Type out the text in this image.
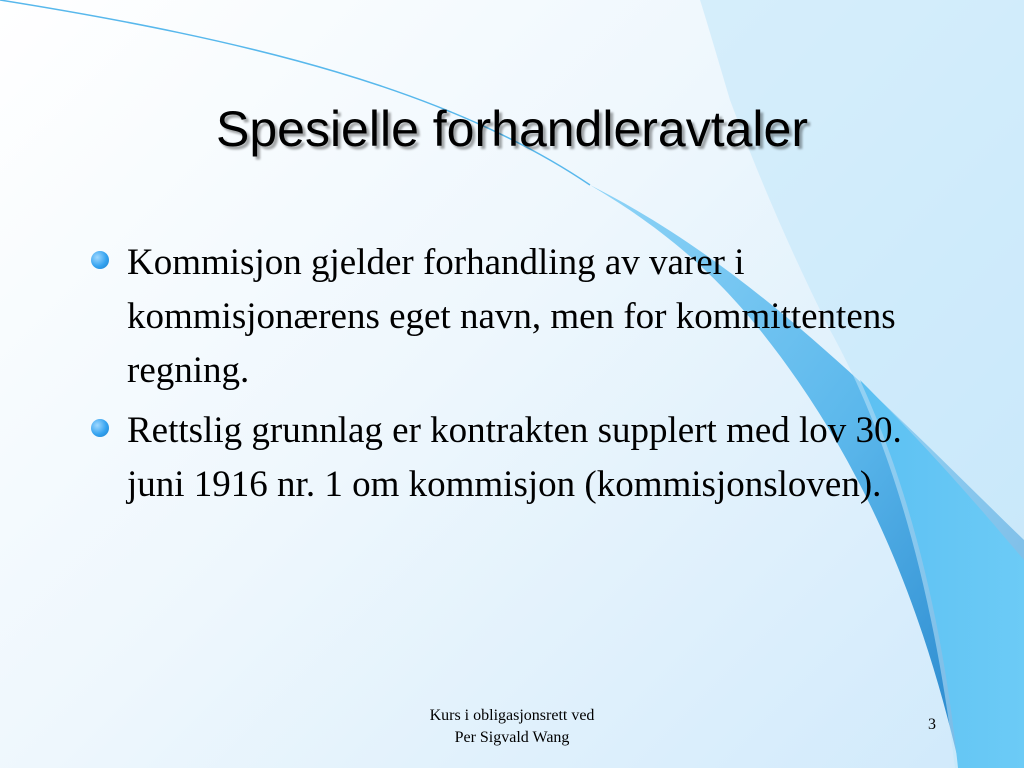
Spesielle forhandleravtaler
Kommisjon gjelder forhandling av varer i kommisjonærens eget navn, men for kommittentens regning.
Rettslig grunnlag er kontrakten supplert med lov 30. juni 1916 nr. 1 om kommisjon (kommisjonsloven).
Kurs i obligasjonsrett ved
Per Sigvald Wang
3
